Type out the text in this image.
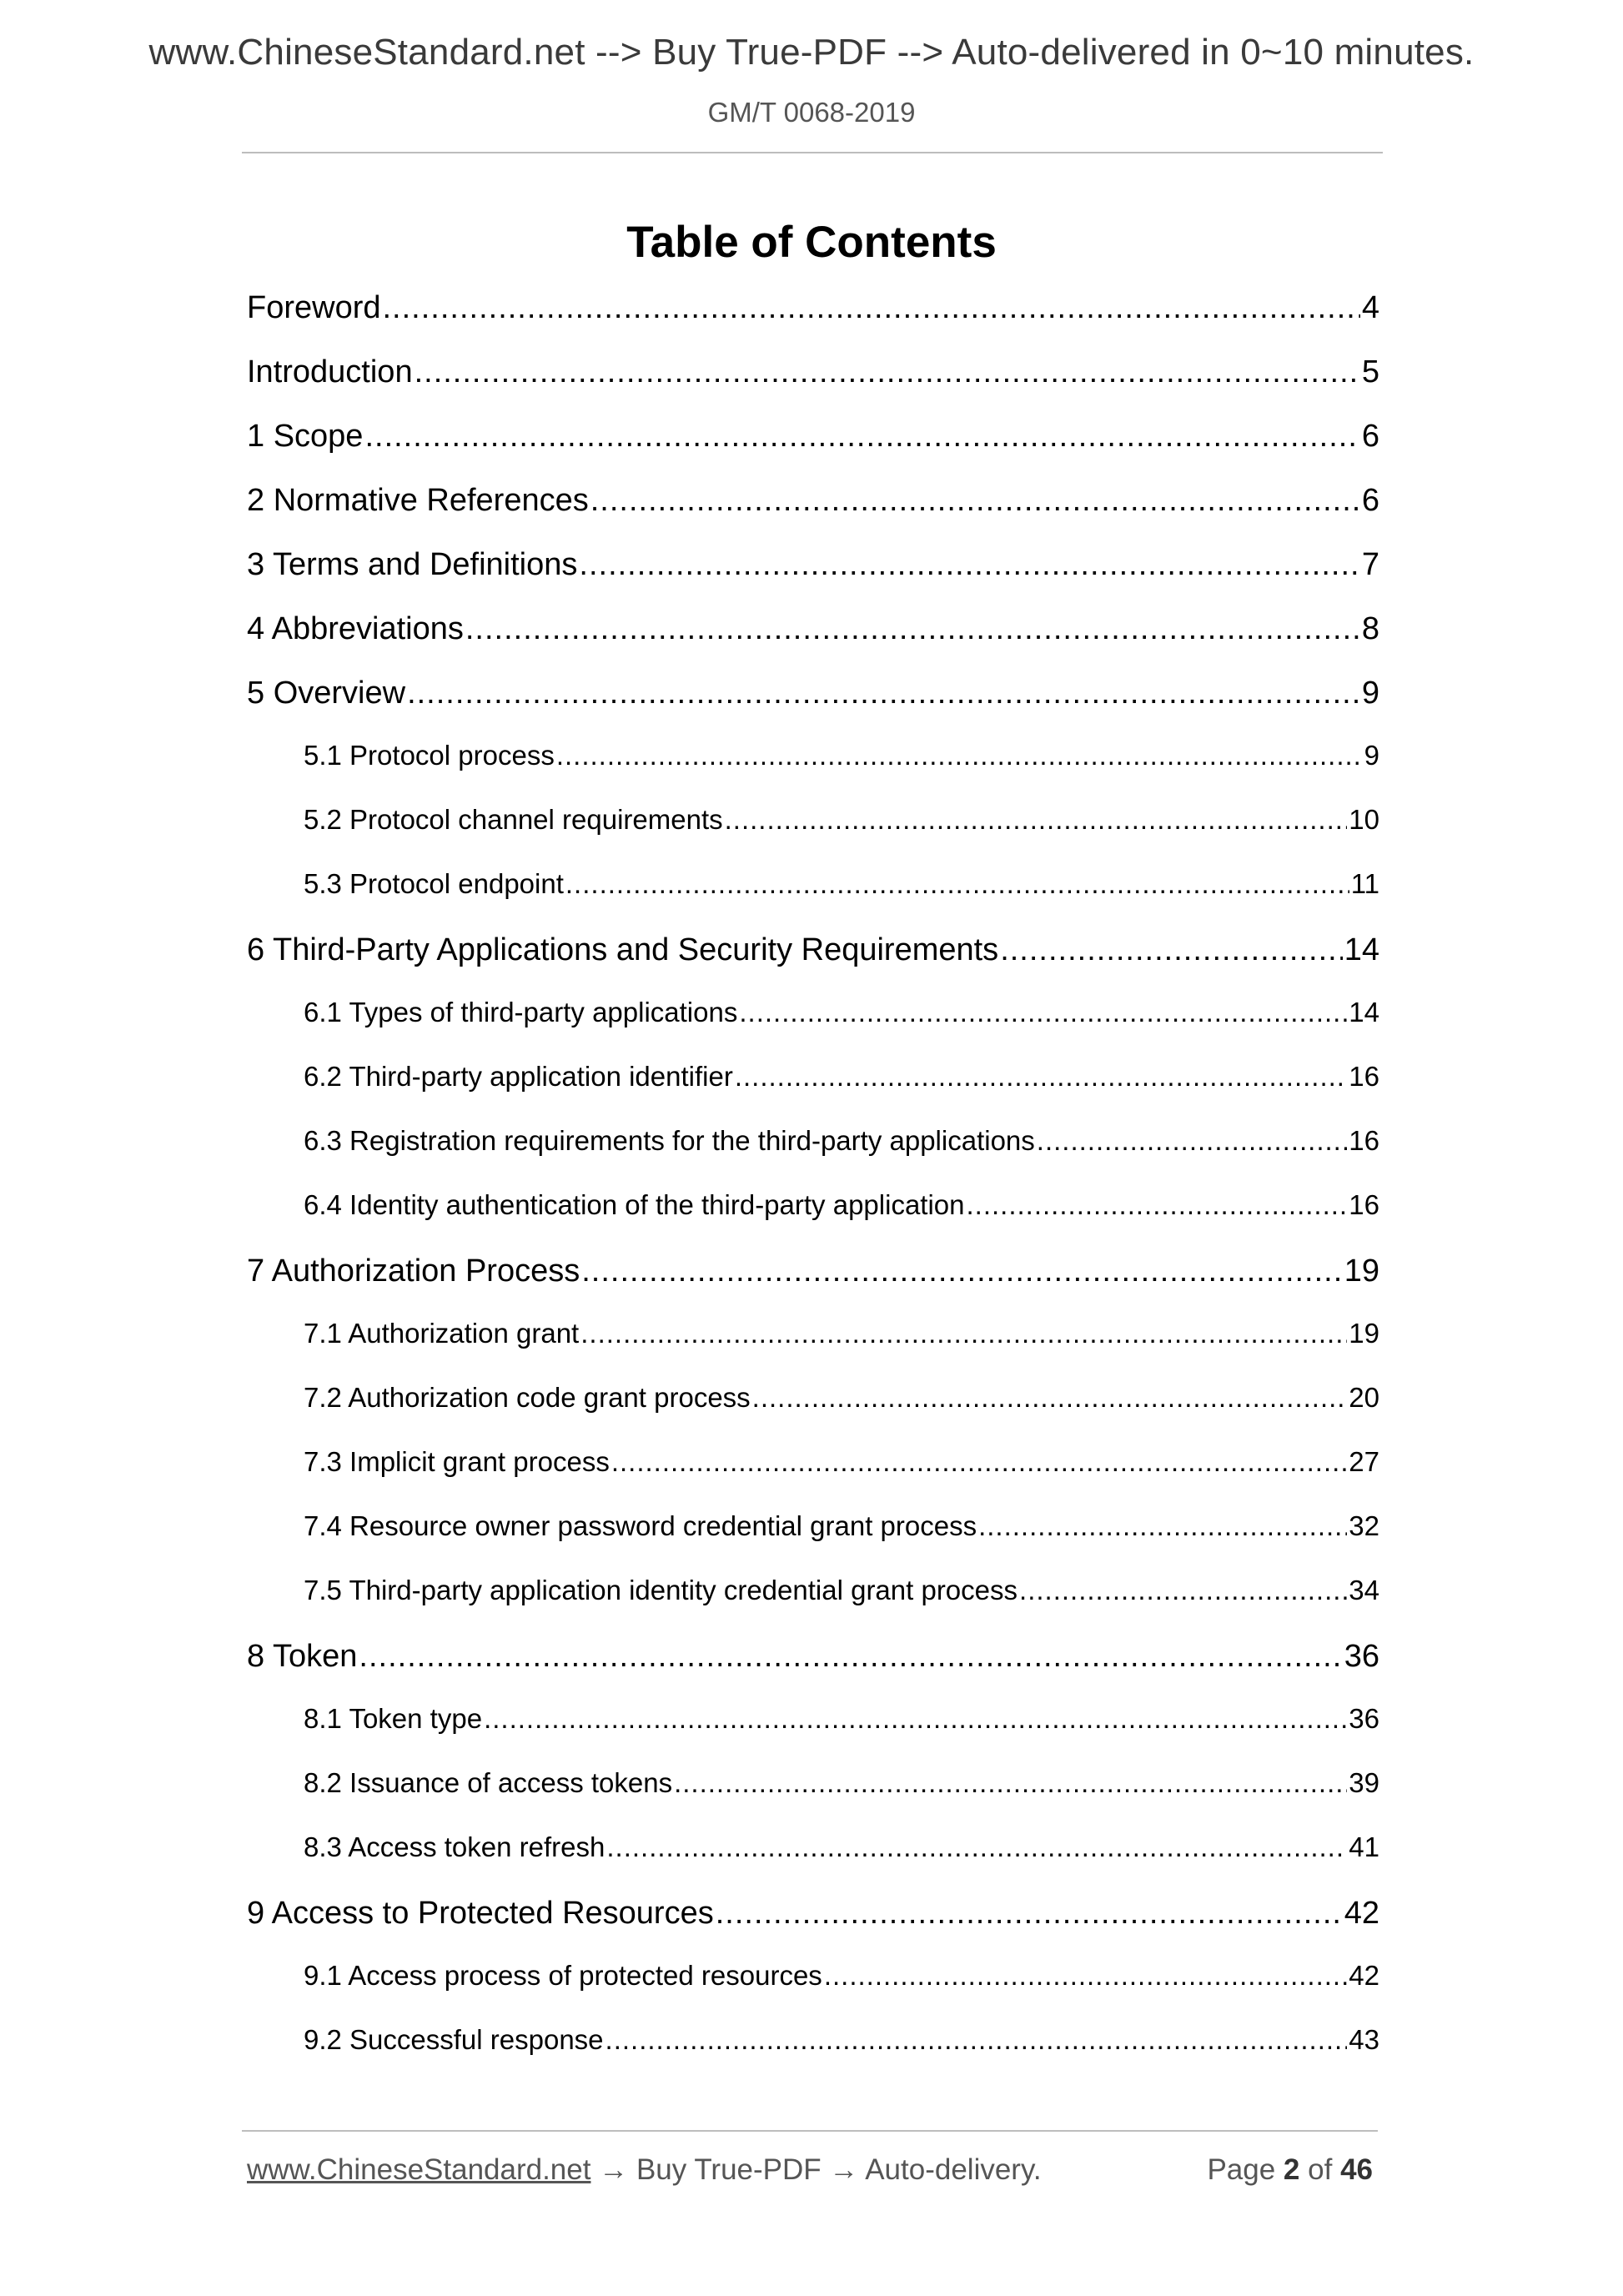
www.ChineseStandard.net --> Buy True-PDF --> Auto-delivered in 0~10 minutes.
GM/T 0068-2019
Table of Contents
Foreword .....	4
Introduction .....	5
1 Scope .....	6
2 Normative References .....	6
3 Terms and Definitions .....	7
4 Abbreviations .....	8
5 Overview .....	9
5.1 Protocol process .....	9
5.2 Protocol channel requirements .....	10
5.3 Protocol endpoint .....	11
6 Third-Party Applications and Security Requirements .....	14
6.1 Types of third-party applications .....	14
6.2 Third-party application identifier .....	16
6.3 Registration requirements for the third-party applications .....	16
6.4 Identity authentication of the third-party application .....	16
7 Authorization Process .....	19
7.1 Authorization grant .....	19
7.2 Authorization code grant process .....	20
7.3 Implicit grant process .....	27
7.4 Resource owner password credential grant process .....	32
7.5 Third-party application identity credential grant process .....	34
8 Token .....	36
8.1 Token type .....	36
8.2 Issuance of access tokens .....	39
8.3 Access token refresh .....	41
9 Access to Protected Resources .....	42
9.1 Access process of protected resources .....	42
9.2 Successful response .....	43
www.ChineseStandard.net → Buy True-PDF → Auto-delivery.	Page 2 of 46
